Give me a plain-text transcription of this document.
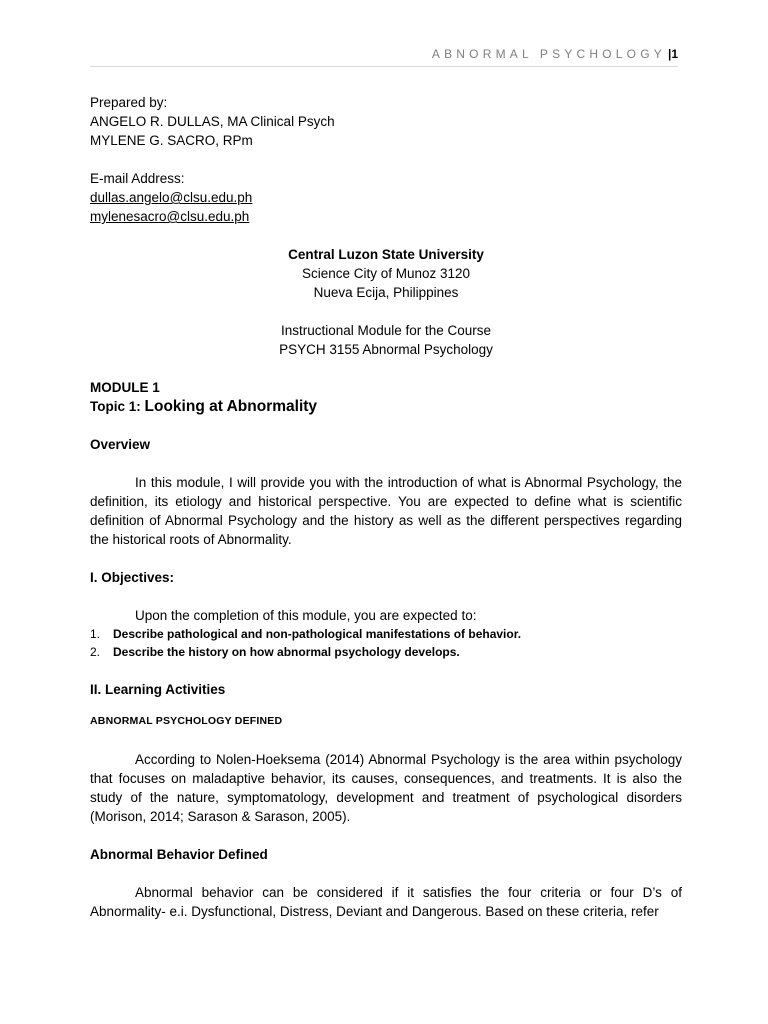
ABNORMAL PSYCHOLOGY |1

Prepared by:

ANGELO R. DULLAS, MA Clinical Psych

MYLENE G. SACRO, RPm

E-mail Address:

dullas.angelo@clsu.edu.ph

mylenesacro@clsu.edu.ph

Central Luzon State University

Science City of Munoz 3120

Nueva Ecija, Philippines

Instructional Module for the Course

PSYCH 3155 Abnormal Psychology

MODULE 1

Topic 1: Looking at Abnormality

Overview

In this module, I will provide you with the introduction of what is Abnormal Psychology, the definition, its etiology and historical perspective. You are expected to define what is scientific definition of Abnormal Psychology and the history as well as the different perspectives regarding the historical roots of Abnormality.

I. Objectives:

Upon the completion of this module, you are expected to:

1. Describe pathological and non-pathological manifestations of behavior.
2. Describe the history on how abnormal psychology develops.

II. Learning Activities

ABNORMAL PSYCHOLOGY DEFINED

According to Nolen-Hoeksema (2014) Abnormal Psychology is the area within psychology that focuses on maladaptive behavior, its causes, consequences, and treatments. It is also the study of the nature, symptomatology, development and treatment of psychological disorders (Morison, 2014; Sarason & Sarason, 2005).

Abnormal Behavior Defined

Abnormal behavior can be considered if it satisfies the four criteria or four D’s of Abnormality- e.i. Dysfunctional, Distress, Deviant and Dangerous. Based on these criteria, refer
